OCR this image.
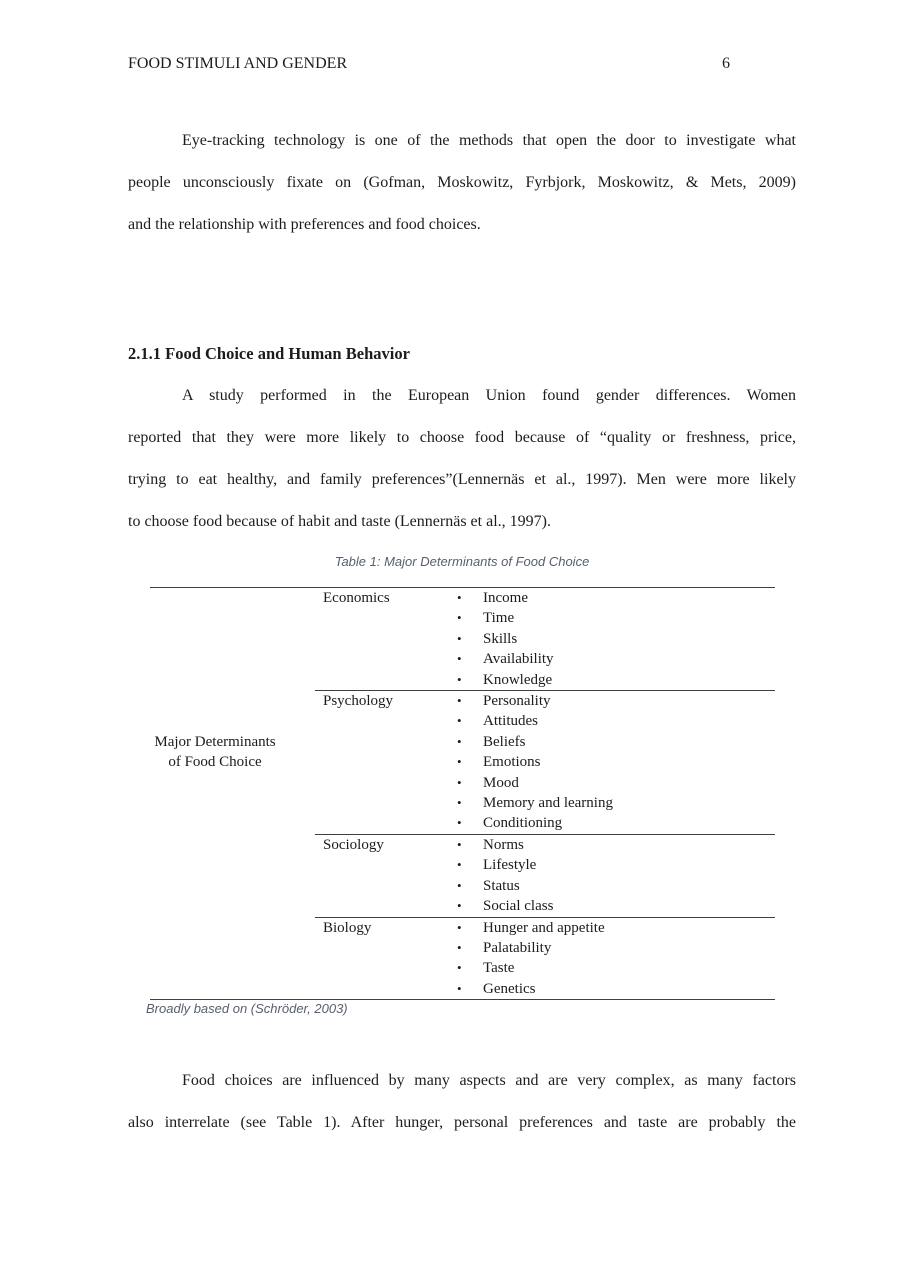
FOOD STIMULI AND GENDER	6
Eye-tracking technology is one of the methods that open the door to investigate what
people unconsciously fixate on (Gofman, Moskowitz, Fyrbjork, Moskowitz, & Mets, 2009)
and the relationship with preferences and food choices.
2.1.1 Food Choice and Human Behavior
A study performed in the European Union found gender differences. Women
reported that they were more likely to choose food because of “quality or freshness, price,
trying to eat healthy, and family preferences”(Lennernäs et al., 1997). Men were more likely
to choose food because of habit and taste (Lennernäs et al., 1997).
Table 1: Major Determinants of Food Choice
Major Determinants
of Food Choice
Economics	•	Income
•	Time
•	Skills
•	Availability
•	Knowledge
Psychology	•	Personality
•	Attitudes
•	Beliefs
•	Emotions
•	Mood
•	Memory and learning
•	Conditioning
Sociology	•	Norms
•	Lifestyle
•	Status
•	Social class
Biology	•	Hunger and appetite
•	Palatability
•	Taste
•	Genetics
Broadly based on (Schröder, 2003)
Food choices are influenced by many aspects and are very complex, as many factors
also interrelate (see Table 1). After hunger, personal preferences and taste are probably the
